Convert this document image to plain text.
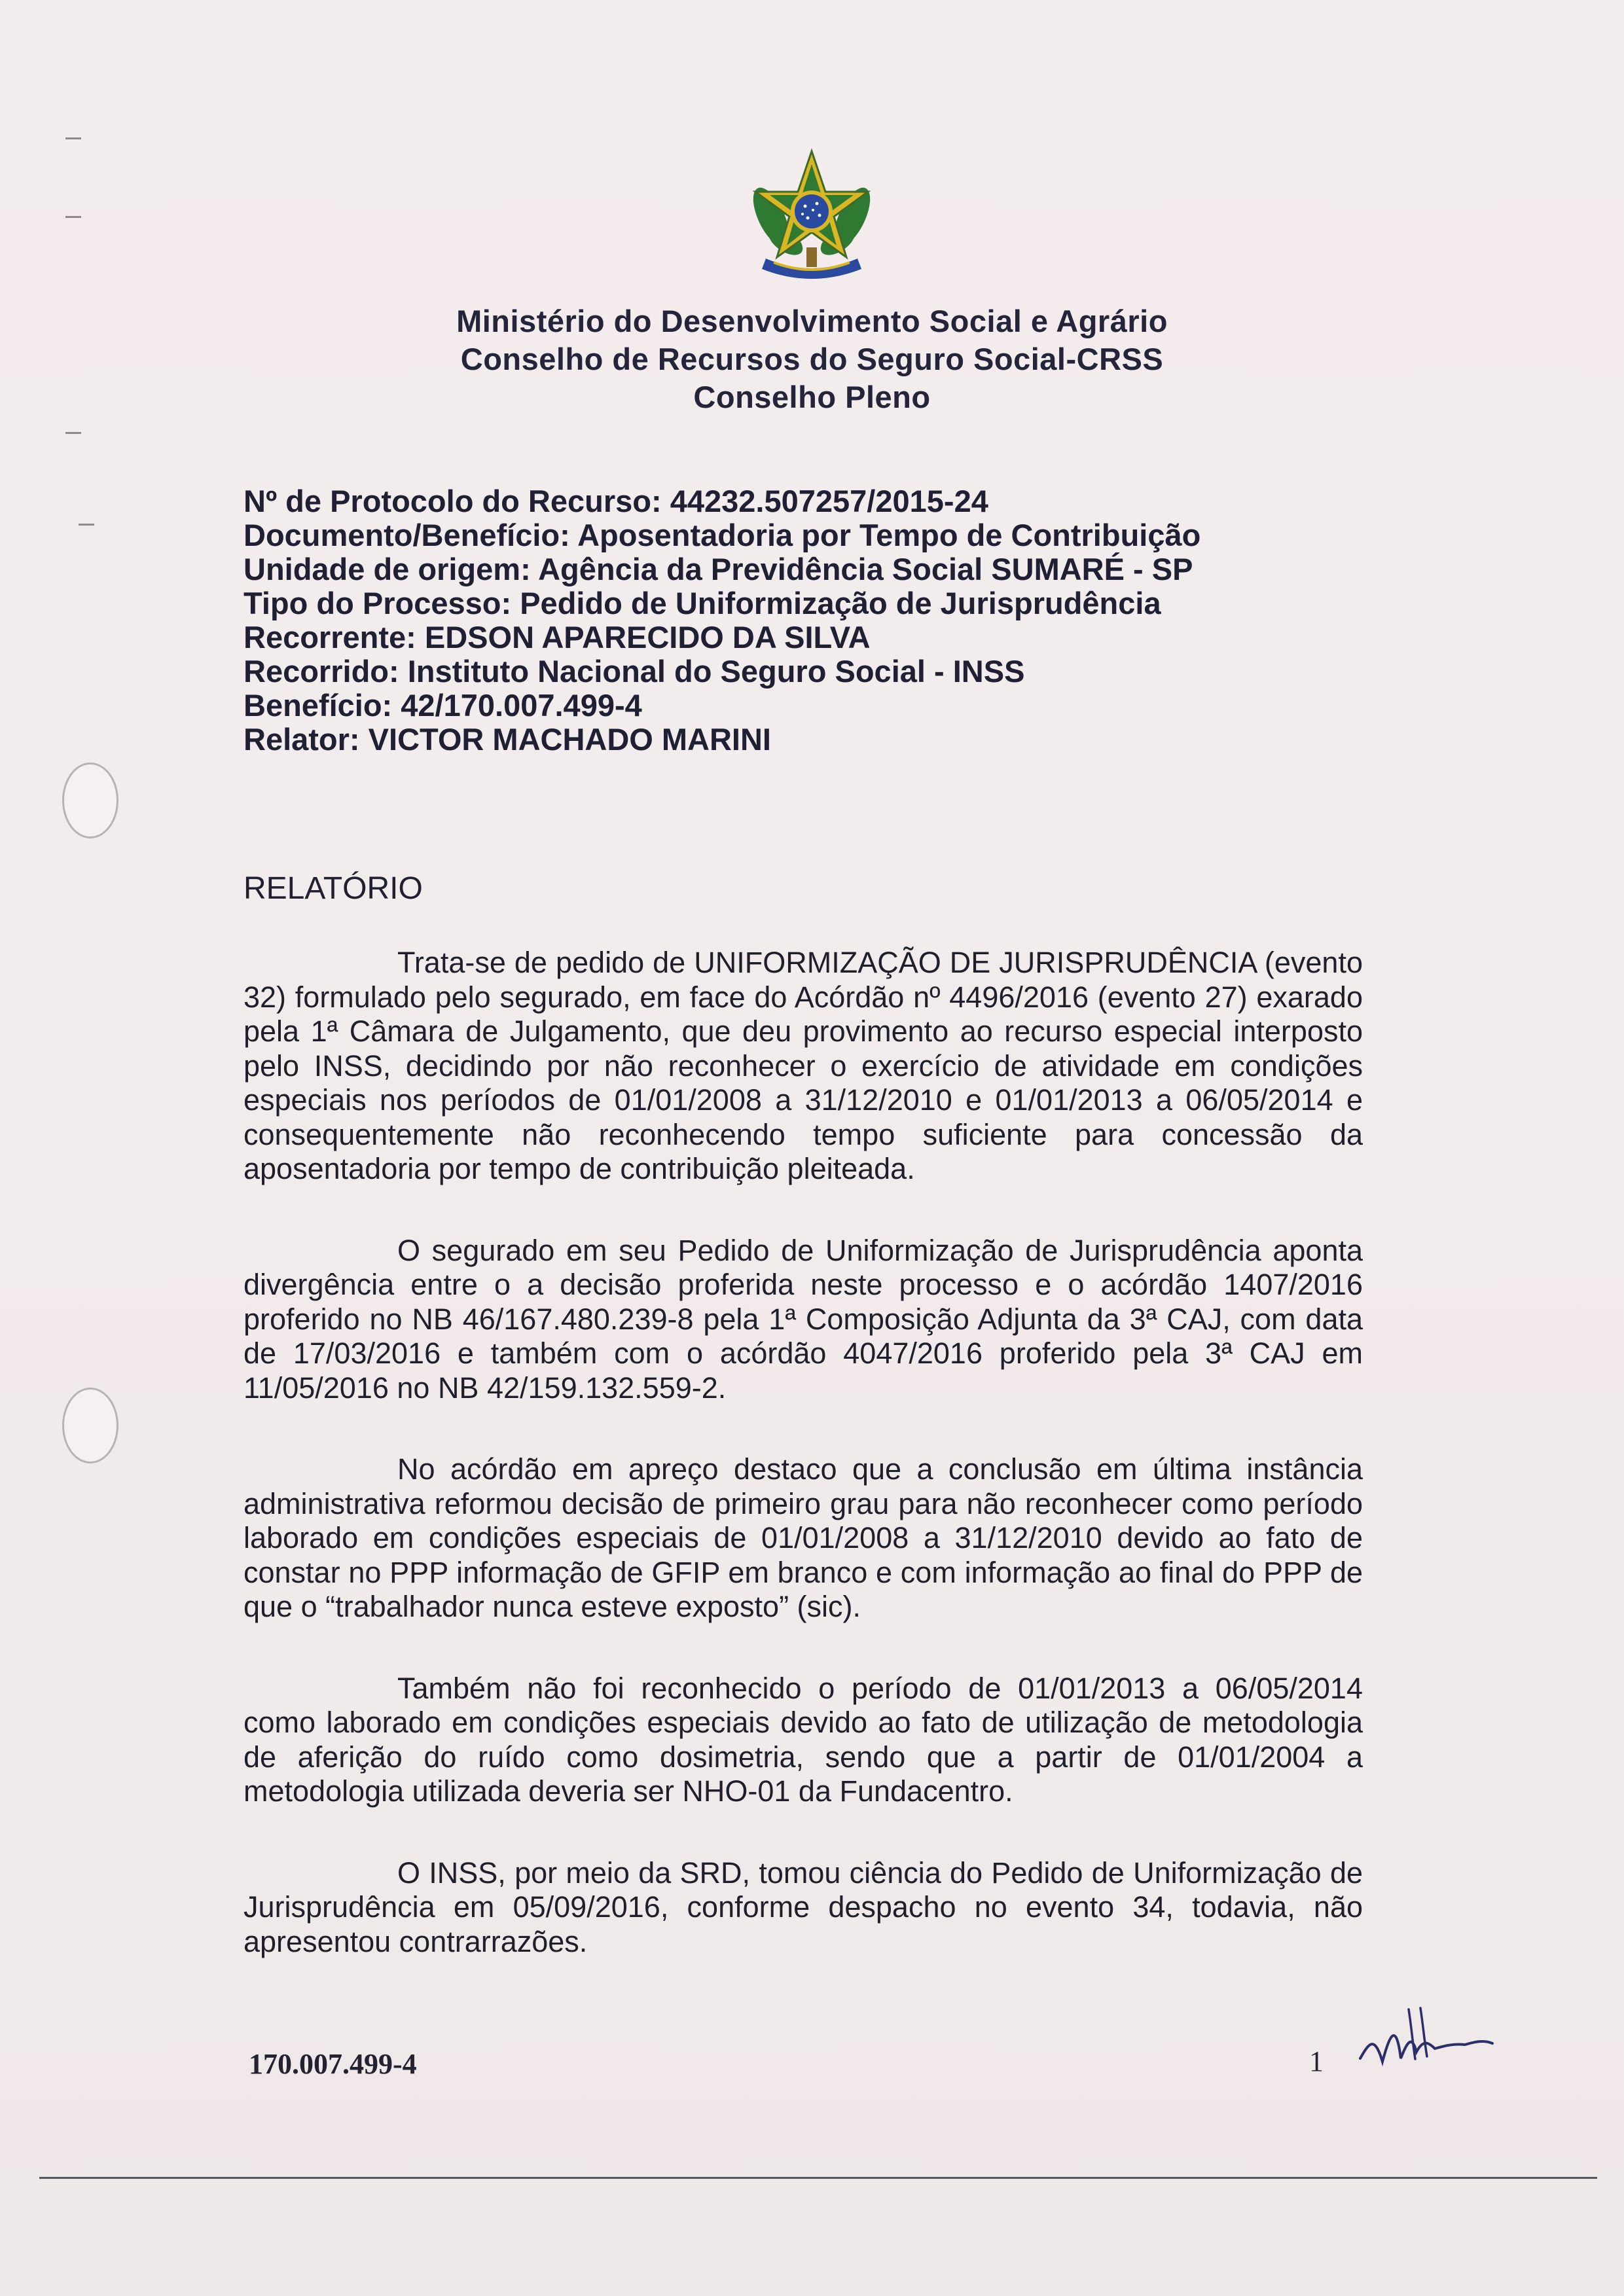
Ministério do Desenvolvimento Social e Agrário
Conselho de Recursos do Seguro Social-CRSS
Conselho Pleno
Nº de Protocolo do Recurso: 44232.507257/2015-24
Documento/Benefício: Aposentadoria por Tempo de Contribuição
Unidade de origem: Agência da Previdência Social SUMARÉ - SP
Tipo do Processo: Pedido de Uniformização de Jurisprudência
Recorrente: EDSON APARECIDO DA SILVA
Recorrido: Instituto Nacional do Seguro Social - INSS
Benefício: 42/170.007.499-4
Relator: VICTOR MACHADO MARINI
RELATÓRIO

Trata-se de pedido de UNIFORMIZAÇÃO DE JURISPRUDÊNCIA (evento 32) formulado pelo segurado, em face do Acórdão nº 4496/2016 (evento 27) exarado pela 1ª Câmara de Julgamento, que deu provimento ao recurso especial interposto pelo INSS, decidindo por não reconhecer o exercício de atividade em condições especiais nos períodos de 01/01/2008 a 31/12/2010 e 01/01/2013 a 06/05/2014 e consequentemente não reconhecendo tempo suficiente para concessão da aposentadoria por tempo de contribuição pleiteada.

O segurado em seu Pedido de Uniformização de Jurisprudência aponta divergência entre o a decisão proferida neste processo e o acórdão 1407/2016 proferido no NB 46/167.480.239-8 pela 1ª Composição Adjunta da 3ª CAJ, com data de 17/03/2016 e também com o acórdão 4047/2016 proferido pela 3ª CAJ em 11/05/2016 no NB 42/159.132.559-2.

No acórdão em apreço destaco que a conclusão em última instância administrativa reformou decisão de primeiro grau para não reconhecer como período laborado em condições especiais de 01/01/2008 a 31/12/2010 devido ao fato de constar no PPP informação de GFIP em branco e com informação ao final do PPP de que o “trabalhador nunca esteve exposto” (sic).

Também não foi reconhecido o período de 01/01/2013 a 06/05/2014 como laborado em condições especiais devido ao fato de utilização de metodologia de aferição do ruído como dosimetria, sendo que a partir de 01/01/2004 a metodologia utilizada deveria ser NHO-01 da Fundacentro.

O INSS, por meio da SRD, tomou ciência do Pedido de Uniformização de Jurisprudência em 05/09/2016, conforme despacho no evento 34, todavia, não apresentou contrarrazões.

170.007.499-4	1
